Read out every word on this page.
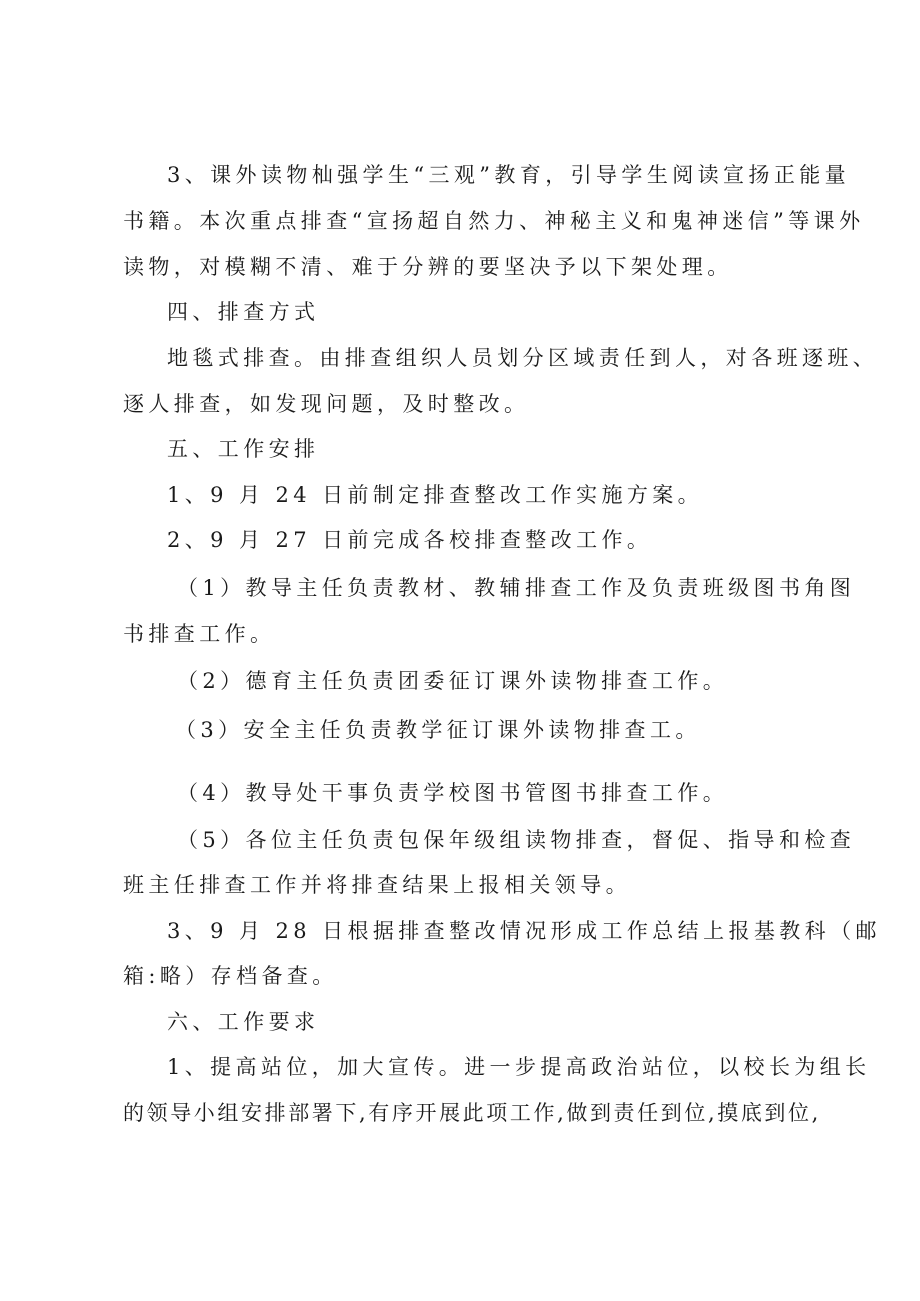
3、课外读物杣强学生“三观”教育，引导学生阅读宣扬正能量
书籍。本次重点排查“宣扬超自然力、神秘主义和鬼神迷信”等课外
读物，对模糊不清、难于分辨的要坚决予以下架处理。
四、排查方式
地毯式排查。由排查组织人员划分区域责任到人，对各班逐班、
逐人排查，如发现问题，及时整改。
五、工作安排
1、9 月 24 日前制定排查整改工作实施方案。
2、9 月 27 日前完成各校排查整改工作。
（1）教导主任负责教材、教辅排查工作及负责班级图书角图
书排查工作。
（2）德育主任负责团委征订课外读物排查工作。
（3）安全主任负责教学征订课外读物排查工。
（4）教导处干事负责学校图书管图书排查工作。
（5）各位主任负责包保年级组读物排查，督促、指导和检查
班主任排查工作并将排查结果上报相关领导。
3、9 月 28 日根据排查整改情况形成工作总结上报基教科（邮
箱:略）存档备查。
六、工作要求
1、提高站位，加大宣传。进一步提高政治站位，以校长为组长
的领导小组安排部署下,有序开展此项工作,做到责任到位,摸底到位,
